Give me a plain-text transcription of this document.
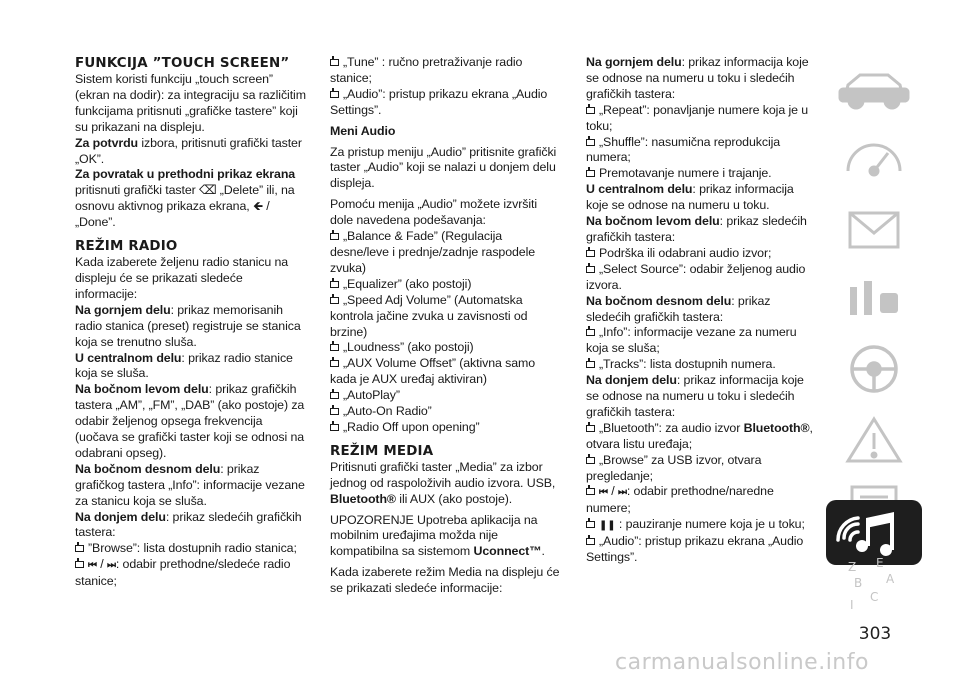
FUNKCIJA ”TOUCH SCREEN”

Sistem koristi funkciju „touch screen” (ekran na dodir): za integraciju sa različitim funkcijama pritisnuti „grafičke tastere” koji su prikazani na displeju.

Za potvrdu izbora, pritisnuti grafički taster „OK”.

Za povratak u prethodni prikaz ekrana pritisnuti grafički taster ⌫ „Delete” ili, na osnovu aktivnog prikaza ekrana, 🡸 /„Done”.

REŽIM RADIO

Kada izaberete željenu radio stanicu na displeju će se prikazati sledeće informacije:

Na gornjem delu: prikaz memorisanih radio stanica (preset) registruje se stanica koja se trenutno sluša.

U centralnom delu: prikaz radio stanice koja se sluša.

Na bočnom levom delu: prikaz grafičkih tastera „AM”, „FM”, „DAB” (ako postoje) za odabir željenog opsega frekvencija (uočava se grafički taster koji se odnosi na odabrani opseg).

Na bočnom desnom delu: prikaz grafičkog tastera „Info”: informacije vezane za stanicu koja se sluša.

Na donjem delu: prikaz sledećih grafičkih tastera:

”Browse”: lista dostupnih radio stanica;

⏮ / ⏭: odabir prethodne/sledeće radio stanice;

„Tune” : ručno pretraživanje radio stanice;

„Audio”: pristup prikazu ekrana „Audio Settings”.

Meni Audio

Za pristup meniju „Audio” pritisnite grafički taster „Audio” koji se nalazi u donjem delu displeja.

Pomoću menija „Audio” možete izvršiti dole navedena podešavanja:

„Balance & Fade” (Regulacija desne/leve i prednje/zadnje raspodele zvuka)

„Equalizer” (ako postoji)

„Speed Adj Volume” (Automatska kontrola jačine zvuka u zavisnosti od brzine)

„Loudness” (ako postoji)

„AUX Volume Offset” (aktivna samo kada je AUX uređaj aktiviran)

„AutoPlay”

„Auto-On Radio”

„Radio Off upon opening”

REŽIM MEDIA

Pritisnuti grafički taster „Media” za izbor jednog od raspoloživih audio izvora. USB, Bluetooth® ili AUX (ako postoje).

UPOZORENJE Upotreba aplikacija na mobilnim uređajima možda nije kompatibilna sa sistemom Uconnect™.

Kada izaberete režim Media na displeju će se prikazati sledeće informacije:

Na gornjem delu: prikaz informacija koje se odnose na numeru u toku i sledećih grafičkih tastera:

„Repeat”: ponavljanje numere koja je u toku;

„Shuffle”: nasumična reprodukcija numera;

Premotavanje numere i trajanje.

U centralnom delu: prikaz informacija koje se odnose na numeru u toku.

Na bočnom levom delu: prikaz sledećih grafičkih tastera:

Podrška ili odabrani audio izvor;

„Select Source”: odabir željenog audio izvora.

Na bočnom desnom delu: prikaz sledećih grafičkih tastera:

„Info”: informacije vezane za numeru koja se sluša;

„Tracks”: lista dostupnih numera.

Na donjem delu: prikaz informacija koje se odnose na numeru u toku i sledećih grafičkih tastera:

„Bluetooth”: za audio izvor Bluetooth®, otvara listu uređaja;

„Browse” za USB izvor, otvara pregledanje;

⏮ / ⏭: odabir prethodne/naredne numere;

❚❚ : pauziranje numere koja je u toku;

„Audio”: pristup prikazu ekrana „Audio Settings”.

Z E
B A
C
I
303
carmanualsonline.info
